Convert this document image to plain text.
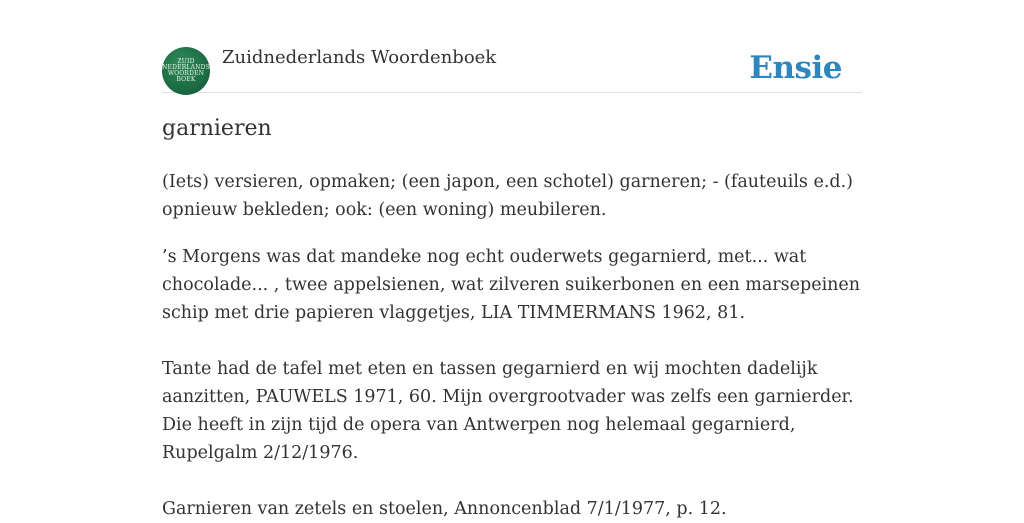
ZUID
NEDERLANDS
WOORDEN
BOEK
Zuidnederlands Woordenboek	Ensie
garnieren

(Iets) versieren, opmaken; (een japon, een schotel) garneren; - (fauteuils e.d.) opnieuw bekleden; ook: (een woning) meubileren.

’s Morgens was dat mandeke nog echt ouderwets gegarnierd, met... wat chocolade... , twee appelsienen, wat zilveren suikerbonen en een marsepeinen schip met drie papieren vlaggetjes, LIA TIMMERMANS 1962, 81.

Tante had de tafel met eten en tassen gegarnierd en wij mochten dadelijk aanzitten, PAUWELS 1971, 60. Mijn overgrootvader was zelfs een garnierder. Die heeft in zijn tijd de opera van Antwerpen nog helemaal gegarnierd, Rupelgalm 2/12/1976.

Garnieren van zetels en stoelen, Annoncenblad 7/1/1977, p. 12.
